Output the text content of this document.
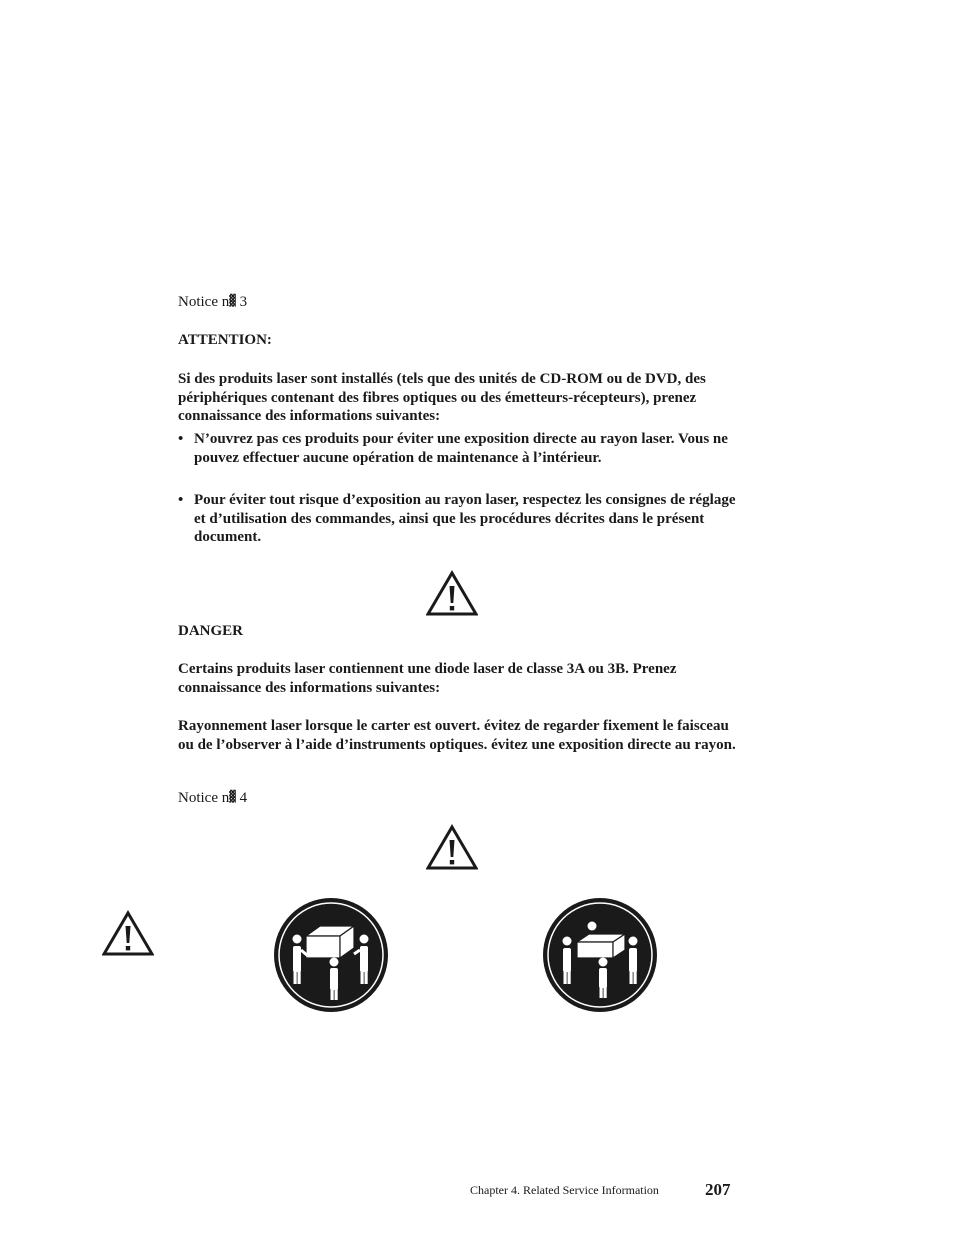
Notice n▓ 3
ATTENTION:
Si des produits laser sont installés (tels que des unités de CD-ROM ou de DVD, des périphériques contenant des fibres optiques ou des émetteurs-récepteurs), prenez connaissance des informations suivantes:
• N’ouvrez pas ces produits pour éviter une exposition directe au rayon laser. Vous ne pouvez effectuer aucune opération de maintenance à l’intérieur.
• Pour éviter tout risque d’exposition au rayon laser, respectez les consignes de réglage et d’utilisation des commandes, ainsi que les procédures décrites dans le présent document.
DANGER
Certains produits laser contiennent une diode laser de classe 3A ou 3B. Prenez connaissance des informations suivantes:
Rayonnement laser lorsque le carter est ouvert. évitez de regarder fixement le faisceau ou de l’observer à l’aide d’instruments optiques. évitez une exposition directe au rayon.
Notice n▓ 4
Chapter 4. Related Service Information	207
